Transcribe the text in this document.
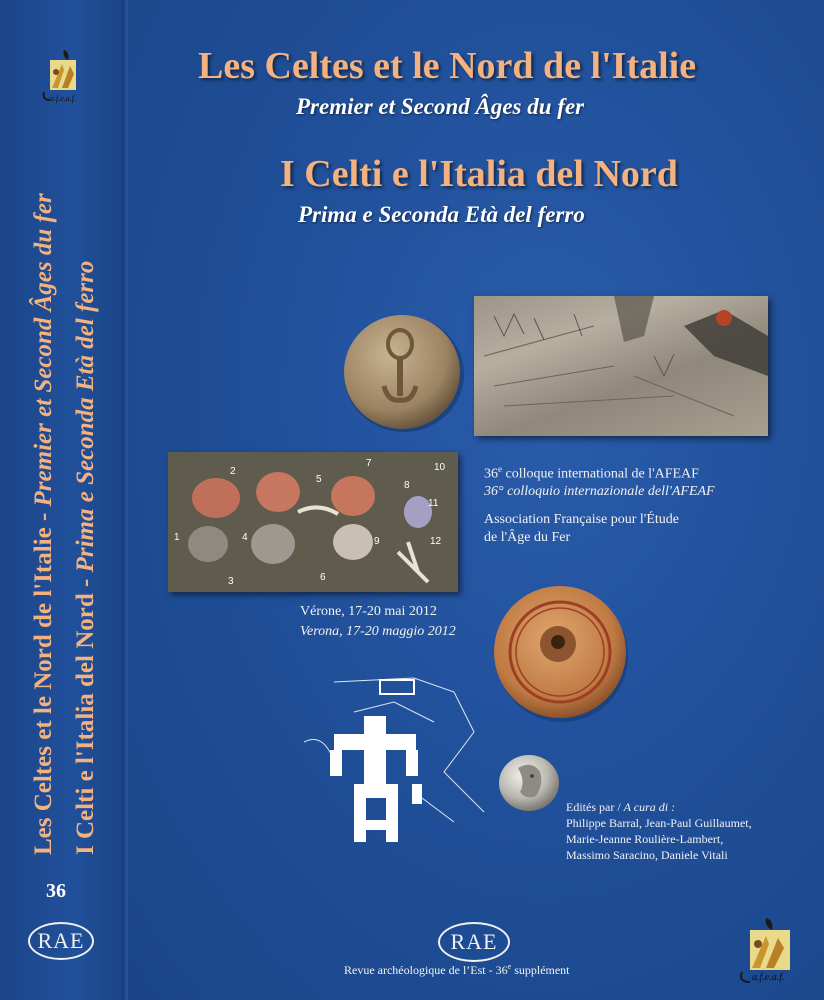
a.f.e.a.f.
Les Celtes et le Nord de l'Italie - Premier et Second Âges du fer
I Celti e l'Italia del Nord - Prima e Seconda Età del ferro
36
RAE
Les Celtes et le Nord de l'Italie
Premier et Second Âges du fer
I Celti e l'Italia del Nord
Prima e Seconda Età del ferro
1
2
3
4
5
6
7
8
9
10
11
12
36e colloque international de l'AFEAF
36° colloquio internazionale dell'AFEAF
Association Française pour l'Étude
de l'Âge du Fer
Vérone, 17-20 mai 2012
Verona, 17-20 maggio 2012
Edités par / A cura di :
Philippe Barral, Jean-Paul Guillaumet,
Marie-Jeanne Roulière-Lambert,
Massimo Saracino, Daniele Vitali
RAE
Revue archéologique de l’Est - 36e supplément
a.f.e.a.f.
